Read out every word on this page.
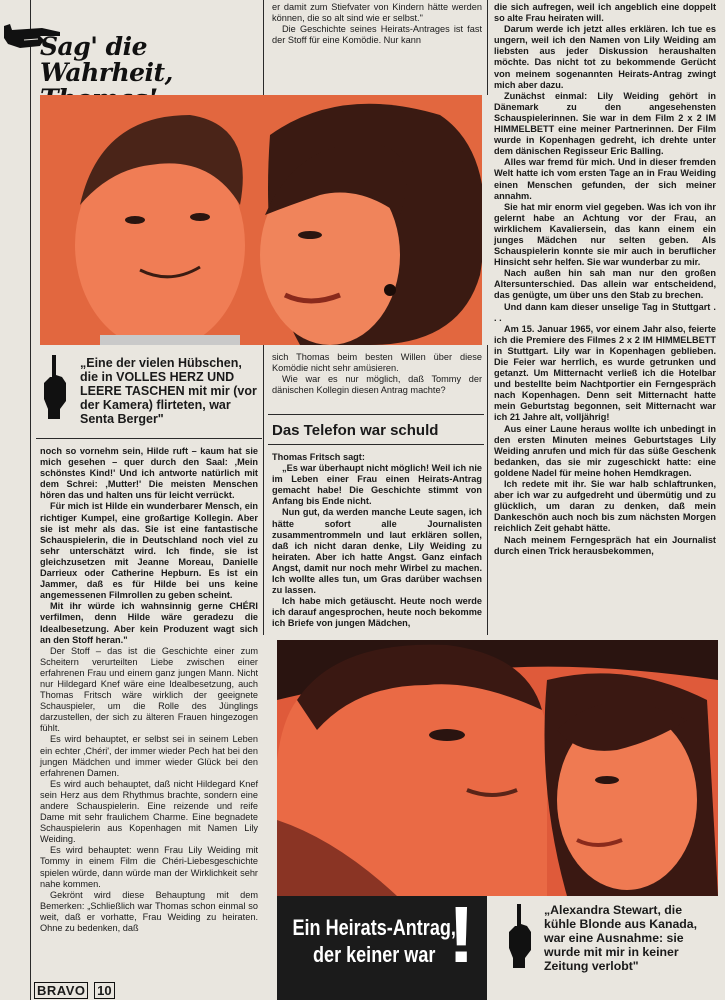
Sag' die Wahrheit,
„Eine der vielen Hübschen, die in VOLLES HERZ UND LEERE TASCHEN mit mir (vor der Kamera) flirteten, war Senta Berger"

noch so vornehm sein, Hilde ruft – kaum hat sie mich gesehen – quer durch den Saal: ‚Mein schönstes Kind!' Und ich antworte natürlich mit dem Schrei: ‚Mutter!' Die meisten Menschen hören das und halten uns für leicht verrückt.

Für mich ist Hilde ein wunderbarer Mensch, ein richtiger Kumpel, eine großartige Kollegin. Aber sie ist mehr als das. Sie ist eine fantastische Schauspielerin, die in Deutschland noch viel zu sehr unterschätzt wird. Ich finde, sie ist gleichzusetzen mit Jeanne Moreau, Danielle Darrieux oder Catherine Hepburn. Es ist ein Jammer, daß es für Hilde bei uns keine angemessenen Filmrollen zu geben scheint.

Mit ihr würde ich wahnsinnig gerne CHÉRI verfilmen, denn Hilde wäre geradezu die Idealbesetzung. Aber kein Produzent wagt sich an den Stoff heran."

Der Stoff – das ist die Geschichte einer zum Scheitern verurteilten Liebe zwischen einer erfahrenen Frau und einem ganz jungen Mann. Nicht nur Hildegard Knef wäre eine Idealbesetzung, auch Thomas Fritsch wäre wirklich der geeignete Schauspieler, um die Rolle des Jünglings darzustellen, der sich zu älteren Frauen hingezogen fühlt.

Es wird behauptet, er selbst sei in seinem Leben ein echter ‚Chéri', der immer wieder Pech hat bei den jungen Mädchen und immer wieder Glück bei den erfahrenen Damen.

Es wird auch behauptet, daß nicht Hildegard Knef sein Herz aus dem Rhythmus brachte, sondern eine andere Schauspielerin. Eine reizende und reife Dame mit sehr fraulichem Charme. Eine begnadete Schauspielerin aus Kopenhagen mit Namen Lily Weiding.

Es wird behauptet: wenn Frau Lily Weiding mit Tommy in einem Film die Chéri-Liebesgeschichte spielen würde, dann würde man der Wirklichkeit sehr nahe kommen.

Gekrönt wird diese Behauptung mit dem Bemerken: „Schließlich war Thomas schon einmal so weit, daß er vorhatte, Frau Weiding zu heiraten. Ohne zu bedenken, daß

er damit zum Stiefvater von Kindern hätte werden können, die so alt sind wie er selbst."

Die Geschichte seines Heirats-Antrages ist fast der Stoff für eine Komödie. Nur kann

sich Thomas beim besten Willen über diese Komödie nicht sehr amüsieren.

Wie war es nur möglich, daß Tommy der dänischen Kollegin diesen Antrag machte?

Das Telefon war schuld

Thomas Fritsch sagt:

„Es war überhaupt nicht möglich! Weil ich nie im Leben einer Frau einen Heirats-Antrag gemacht habe! Die Geschichte stimmt von Anfang bis Ende nicht.

Nun gut, da werden manche Leute sagen, ich hätte sofort alle Journalisten zusammentrommeln und laut erklären sollen, daß ich nicht daran denke, Lily Weiding zu heiraten. Aber ich hatte Angst. Ganz einfach Angst, damit nur noch mehr Wirbel zu machen. Ich wollte alles tun, um Gras darüber wachsen zu lassen.

Ich habe mich getäuscht. Heute noch werde ich darauf angesprochen, heute noch bekomme ich Briefe von jungen Mädchen,

die sich aufregen, weil ich angeblich eine doppelt so alte Frau heiraten will.

Darum werde ich jetzt alles erklären. Ich tue es ungern, weil ich den Namen von Lily Weiding am liebsten aus jeder Diskussion heraushalten möchte. Das nicht tot zu bekommende Gerücht von meinem sogenannten Heirats-Antrag zwingt mich aber dazu.

Zunächst einmal: Lily Weiding gehört in Dänemark zu den angesehensten Schauspielerinnen. Sie war in dem Film 2 x 2 IM HIMMELBETT eine meiner Partnerinnen. Der Film wurde in Kopenhagen gedreht, ich drehte unter dem dänischen Regisseur Eric Balling.

Alles war fremd für mich. Und in dieser fremden Welt hatte ich vom ersten Tage an in Frau Weiding einen Menschen gefunden, der sich meiner annahm.

Sie hat mir enorm viel gegeben. Was ich von ihr gelernt habe an Achtung vor der Frau, an wirklichem Kavaliersein, das kann einem ein junges Mädchen nur selten geben. Als Schauspielerin konnte sie mir auch in beruflicher Hinsicht sehr helfen. Sie war wunderbar zu mir.

Nach außen hin sah man nur den großen Altersunterschied. Das allein war entscheidend, das genügte, um über uns den Stab zu brechen.

Und dann kam dieser unselige Tag in Stuttgart . . .

Am 15. Januar 1965, vor einem Jahr also, feierte ich die Premiere des Filmes 2 x 2 IM HIMMELBETT in Stuttgart. Lily war in Kopenhagen geblieben. Die Feier war herrlich, es wurde getrunken und getanzt. Um Mitternacht verließ ich die Hotelbar und bestellte beim Nachtportier ein Ferngespräch nach Kopenhagen. Denn seit Mitternacht hatte mein Geburtstag begonnen, seit Mitternacht war ich 21 Jahre alt, volljährig!

Aus einer Laune heraus wollte ich unbedingt in den ersten Minuten meines Geburtstages Lily Weiding anrufen und mich für das süße Geschenk bedanken, das sie mir zugeschickt hatte: eine goldene Nadel für meine hohen Hemdkragen.

Ich redete mit ihr. Sie war halb schlaftrunken, aber ich war zu aufgedreht und übermütig und zu glücklich, um daran zu denken, daß mein Dankeschön auch noch bis zum nächsten Morgen reichlich Zeit gehabt hätte.

Nach meinem Ferngespräch hat ein Journalist durch einen Trick herausbekommen,

Ein Heirats-Antrag,
der keiner war !	„Alexandra Stewart, die kühle Blonde aus Kanada, war eine Ausnahme: sie wurde mit mir in keiner Zeitung verlobt"
BRAVO 10
